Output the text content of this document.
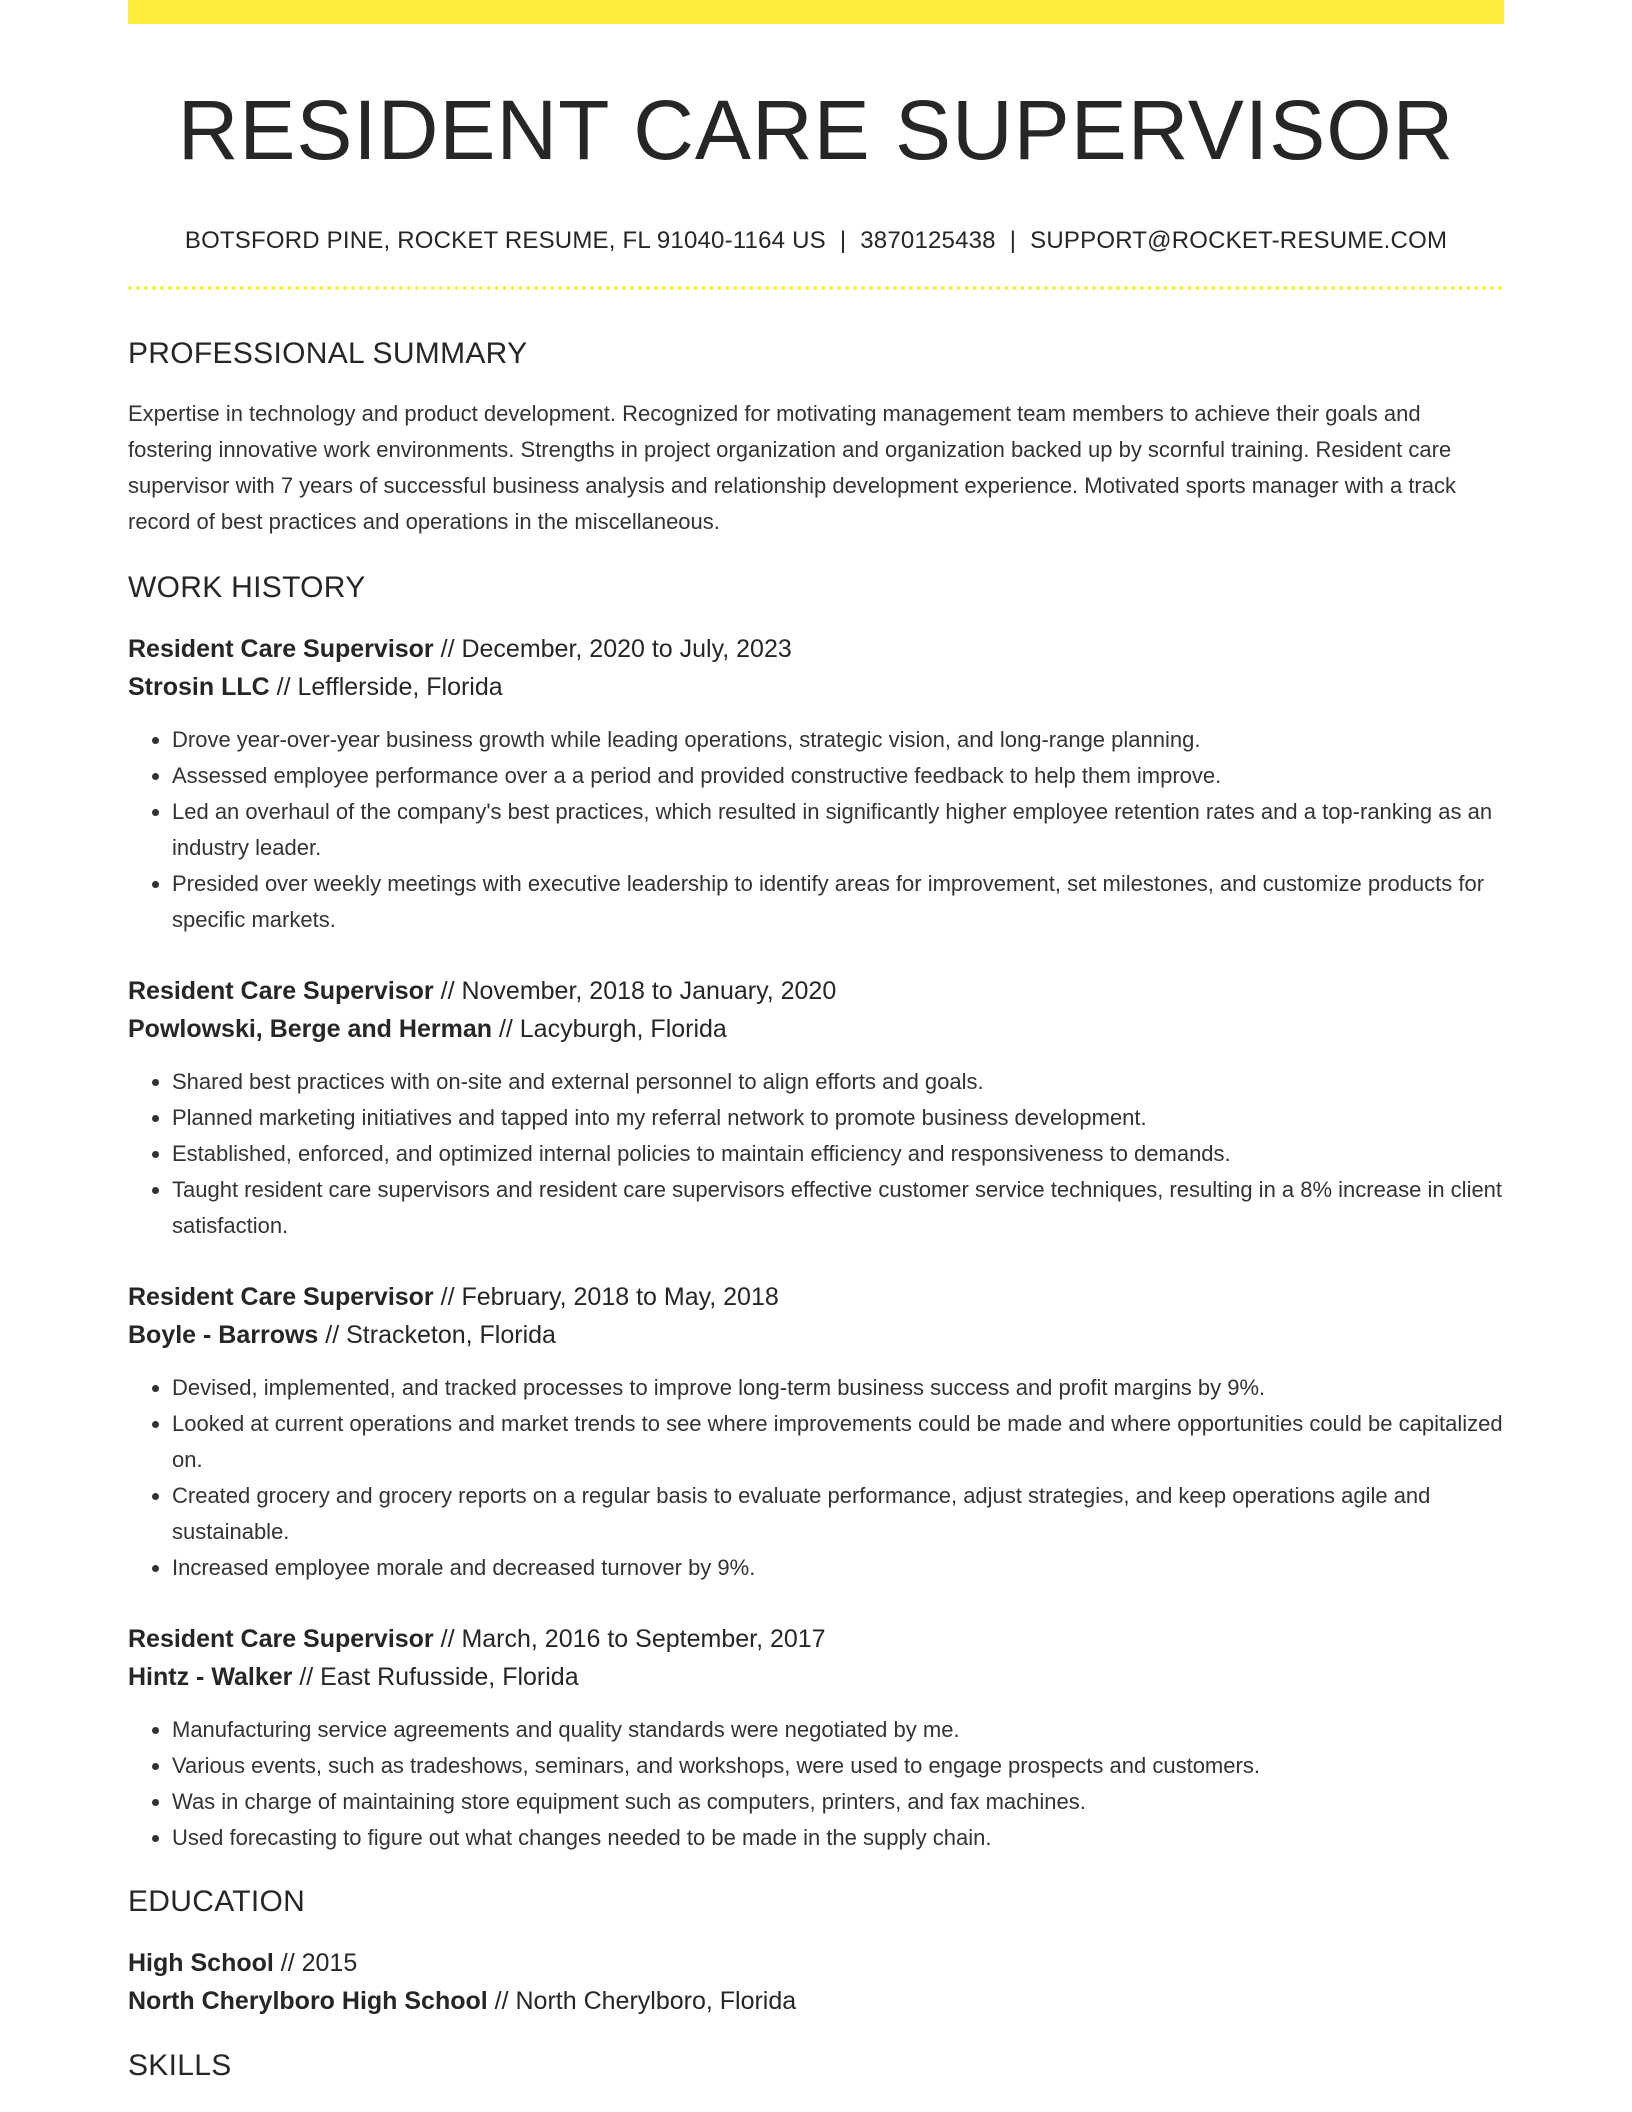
RESIDENT CARE SUPERVISOR
BOTSFORD PINE, ROCKET RESUME, FL 91040-1164 US | 3870125438 | SUPPORT@ROCKET-RESUME.COM
PROFESSIONAL SUMMARY
Expertise in technology and product development. Recognized for motivating management team members to achieve their goals and fostering innovative work environments. Strengths in project organization and organization backed up by scornful training. Resident care supervisor with 7 years of successful business analysis and relationship development experience. Motivated sports manager with a track record of best practices and operations in the miscellaneous.
WORK HISTORY
Resident Care Supervisor // December, 2020 to July, 2023
Strosin LLC // Lefflerside, Florida
• Drove year-over-year business growth while leading operations, strategic vision, and long-range planning.
• Assessed employee performance over a a period and provided constructive feedback to help them improve.
• Led an overhaul of the company's best practices, which resulted in significantly higher employee retention rates and a top-ranking as an industry leader.
• Presided over weekly meetings with executive leadership to identify areas for improvement, set milestones, and customize products for specific markets.
Resident Care Supervisor // November, 2018 to January, 2020
Powlowski, Berge and Herman // Lacyburgh, Florida
• Shared best practices with on-site and external personnel to align efforts and goals.
• Planned marketing initiatives and tapped into my referral network to promote business development.
• Established, enforced, and optimized internal policies to maintain efficiency and responsiveness to demands.
• Taught resident care supervisors and resident care supervisors effective customer service techniques, resulting in a 8% increase in client satisfaction.
Resident Care Supervisor // February, 2018 to May, 2018
Boyle - Barrows // Stracketon, Florida
• Devised, implemented, and tracked processes to improve long-term business success and profit margins by 9%.
• Looked at current operations and market trends to see where improvements could be made and where opportunities could be capitalized on.
• Created grocery and grocery reports on a regular basis to evaluate performance, adjust strategies, and keep operations agile and sustainable.
• Increased employee morale and decreased turnover by 9%.
Resident Care Supervisor // March, 2016 to September, 2017
Hintz - Walker // East Rufusside, Florida
• Manufacturing service agreements and quality standards were negotiated by me.
• Various events, such as tradeshows, seminars, and workshops, were used to engage prospects and customers.
• Was in charge of maintaining store equipment such as computers, printers, and fax machines.
• Used forecasting to figure out what changes needed to be made in the supply chain.
EDUCATION
High School // 2015
North Cherylboro High School // North Cherylboro, Florida
SKILLS
